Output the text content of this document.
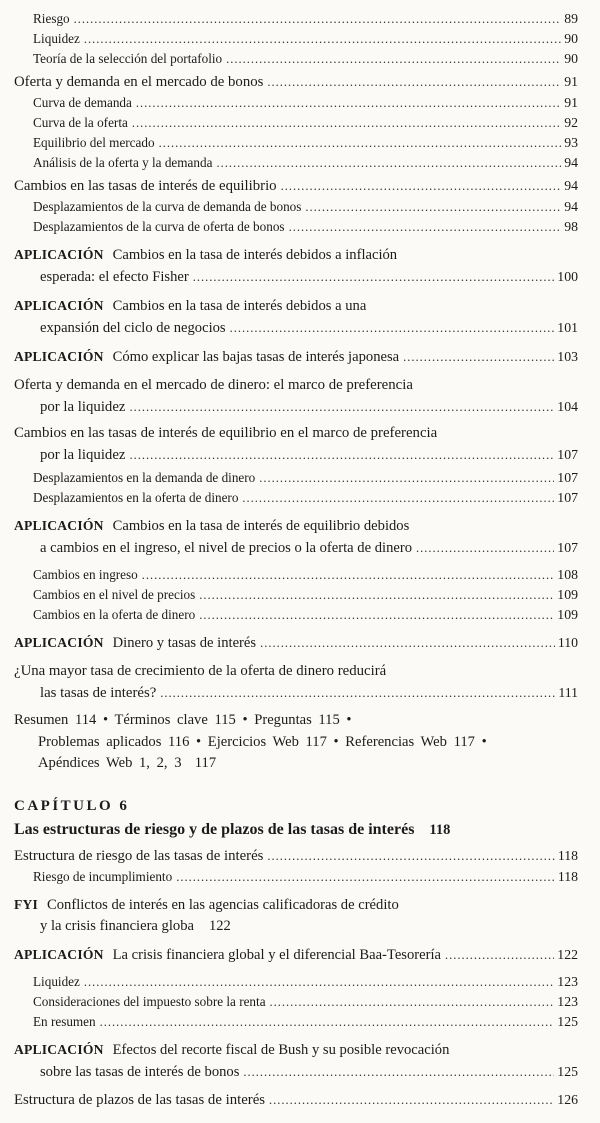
Riesgo .....	89
Liquidez .....	90
Teoría de la selección del portafolio .....	90
Oferta y demanda en el mercado de bonos .....	91
Curva de demanda .....	91
Curva de la oferta .....	92
Equilibrio del mercado .....	93
Análisis de la oferta y la demanda .....	94
Cambios en las tasas de interés de equilibrio .....	94
Desplazamientos de la curva de demanda de bonos .....	94
Desplazamientos de la curva de oferta de bonos .....	98
APLICACIÓN Cambios en la tasa de interés debidos a inflación
esperada: el efecto Fisher .....	100
APLICACIÓN Cambios en la tasa de interés debidos a una
expansión del ciclo de negocios .....	101
APLICACIÓN Cómo explicar las bajas tasas de interés japonesa .....	103
Oferta y demanda en el mercado de dinero: el marco de preferencia
por la liquidez .....	104
Cambios en las tasas de interés de equilibrio en el marco de preferencia
por la liquidez .....	107
Desplazamientos en la demanda de dinero .....	107
Desplazamientos en la oferta de dinero .....	107
APLICACIÓN Cambios en la tasa de interés de equilibrio debidos
a cambios en el ingreso, el nivel de precios o la oferta de dinero .....	107
Cambios en ingreso .....	108
Cambios en el nivel de precios .....	109
Cambios en la oferta de dinero .....	109
APLICACIÓN Dinero y tasas de interés .....	110
¿Una mayor tasa de crecimiento de la oferta de dinero reducirá
las tasas de interés? .....	111
Resumen 114 • Términos clave 115 • Preguntas 115 •
Problemas aplicados 116 • Ejercicios Web 117 • Referencias Web 117 •
Apéndices Web 1, 2, 3  117
CAPÍTULO 6
Las estructuras de riesgo y de plazos de las tasas de interés 118
Estructura de riesgo de las tasas de interés .....	118
Riesgo de incumplimiento .....	118
FYI Conflictos de interés en las agencias calificadoras de crédito
y la crisis financiera globa 122
APLICACIÓN La crisis financiera global y el diferencial Baa-Tesorería .....	122
Liquidez .....	123
Consideraciones del impuesto sobre la renta .....	123
En resumen .....	125
APLICACIÓN Efectos del recorte fiscal de Bush y su posible revocación
sobre las tasas de interés de bonos .....	125
Estructura de plazos de las tasas de interés .....	126
